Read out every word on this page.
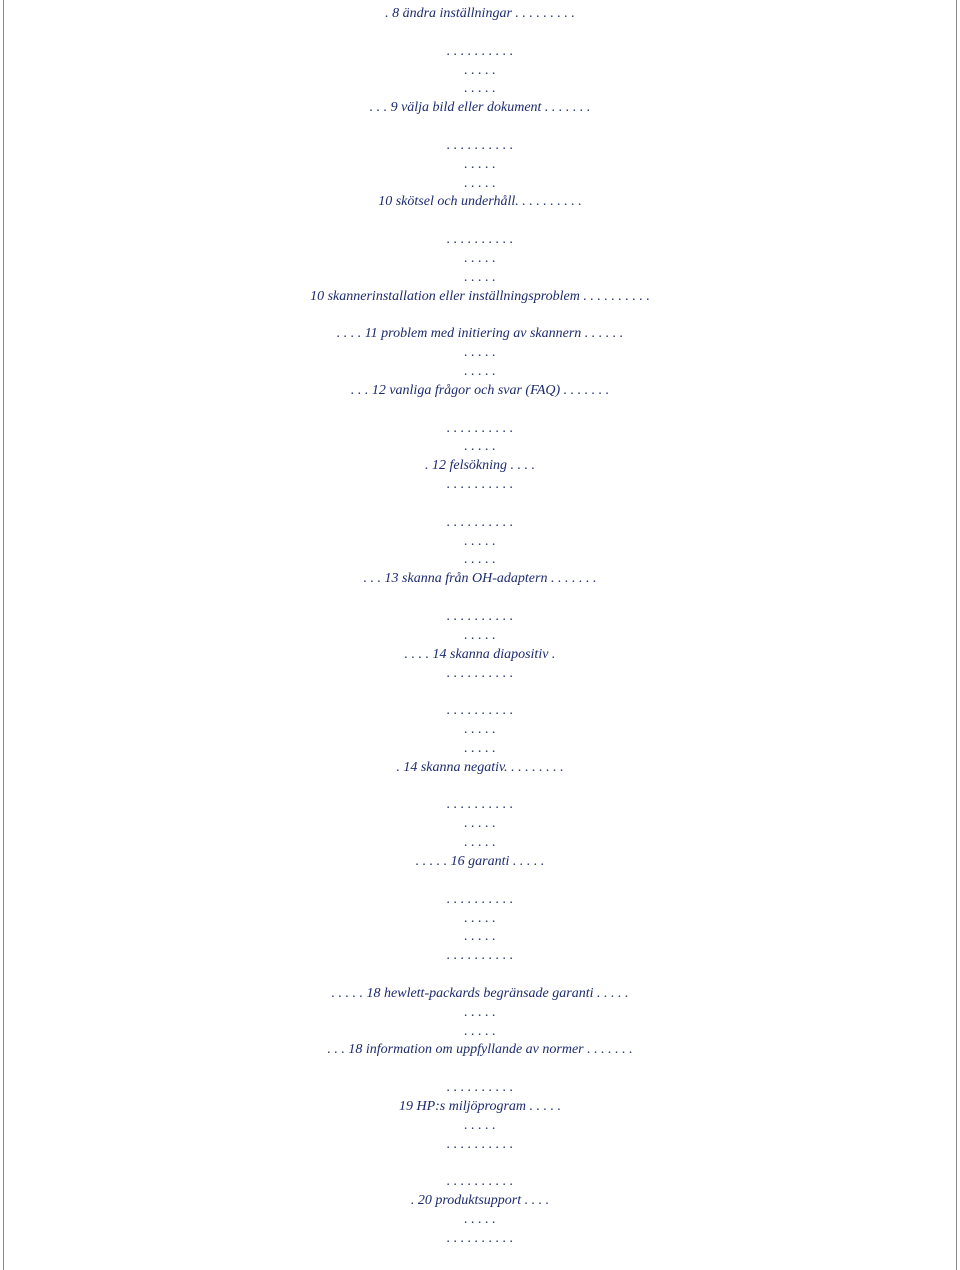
. 8 ändra inställningar . . . . . . . . .
. . . . . . . . . .
. . . . .
. . . . .
. . . 9 välja bild eller dokument . . . . . . .
. . . . . . . . . .
. . . . .
. . . . .
10 skötsel och underhåll. . . . . . . . . .
. . . . . . . . . .
. . . . .
. . . . .
10 skannerinstallation eller inställningsproblem . . . . . . . . . .
. . . . 11 problem med initiering av skannern . . . . . .
. . . . .
. . . . .
. . . 12 vanliga frågor och svar (FAQ) . . . . . . .
. . . . . . . . . .
. . . . .
. 12 felsökning . . . .
. . . . . . . . . .
. . . . . . . . . .
. . . . .
. . . . .
. . . 13 skanna från OH-adaptern . . . . . . .
. . . . . . . . . .
. . . . .
. . . . 14 skanna diapositiv .
. . . . . . . . . .
. . . . . . . . . .
. . . . .
. . . . .
. 14 skanna negativ. . . . . . . . .
. . . . . . . . . .
. . . . .
. . . . .
. . . . . 16 garanti . . . . .
. . . . . . . . . .
. . . . .
. . . . .
. . . . . . . . . .
. . . . . 18 hewlett-packards begränsade garanti . . . . .
. . . . .
. . . . .
. . . 18 information om uppfyllande av normer . . . . . . .
. . . . . . . . . .
19 HP:s miljöprogram . . . . .
. . . . .
. . . . . . . . . .
. . . . . . . . . .
. 20 produktsupport . . . .
. . . . .
. . . . . . . . . .
